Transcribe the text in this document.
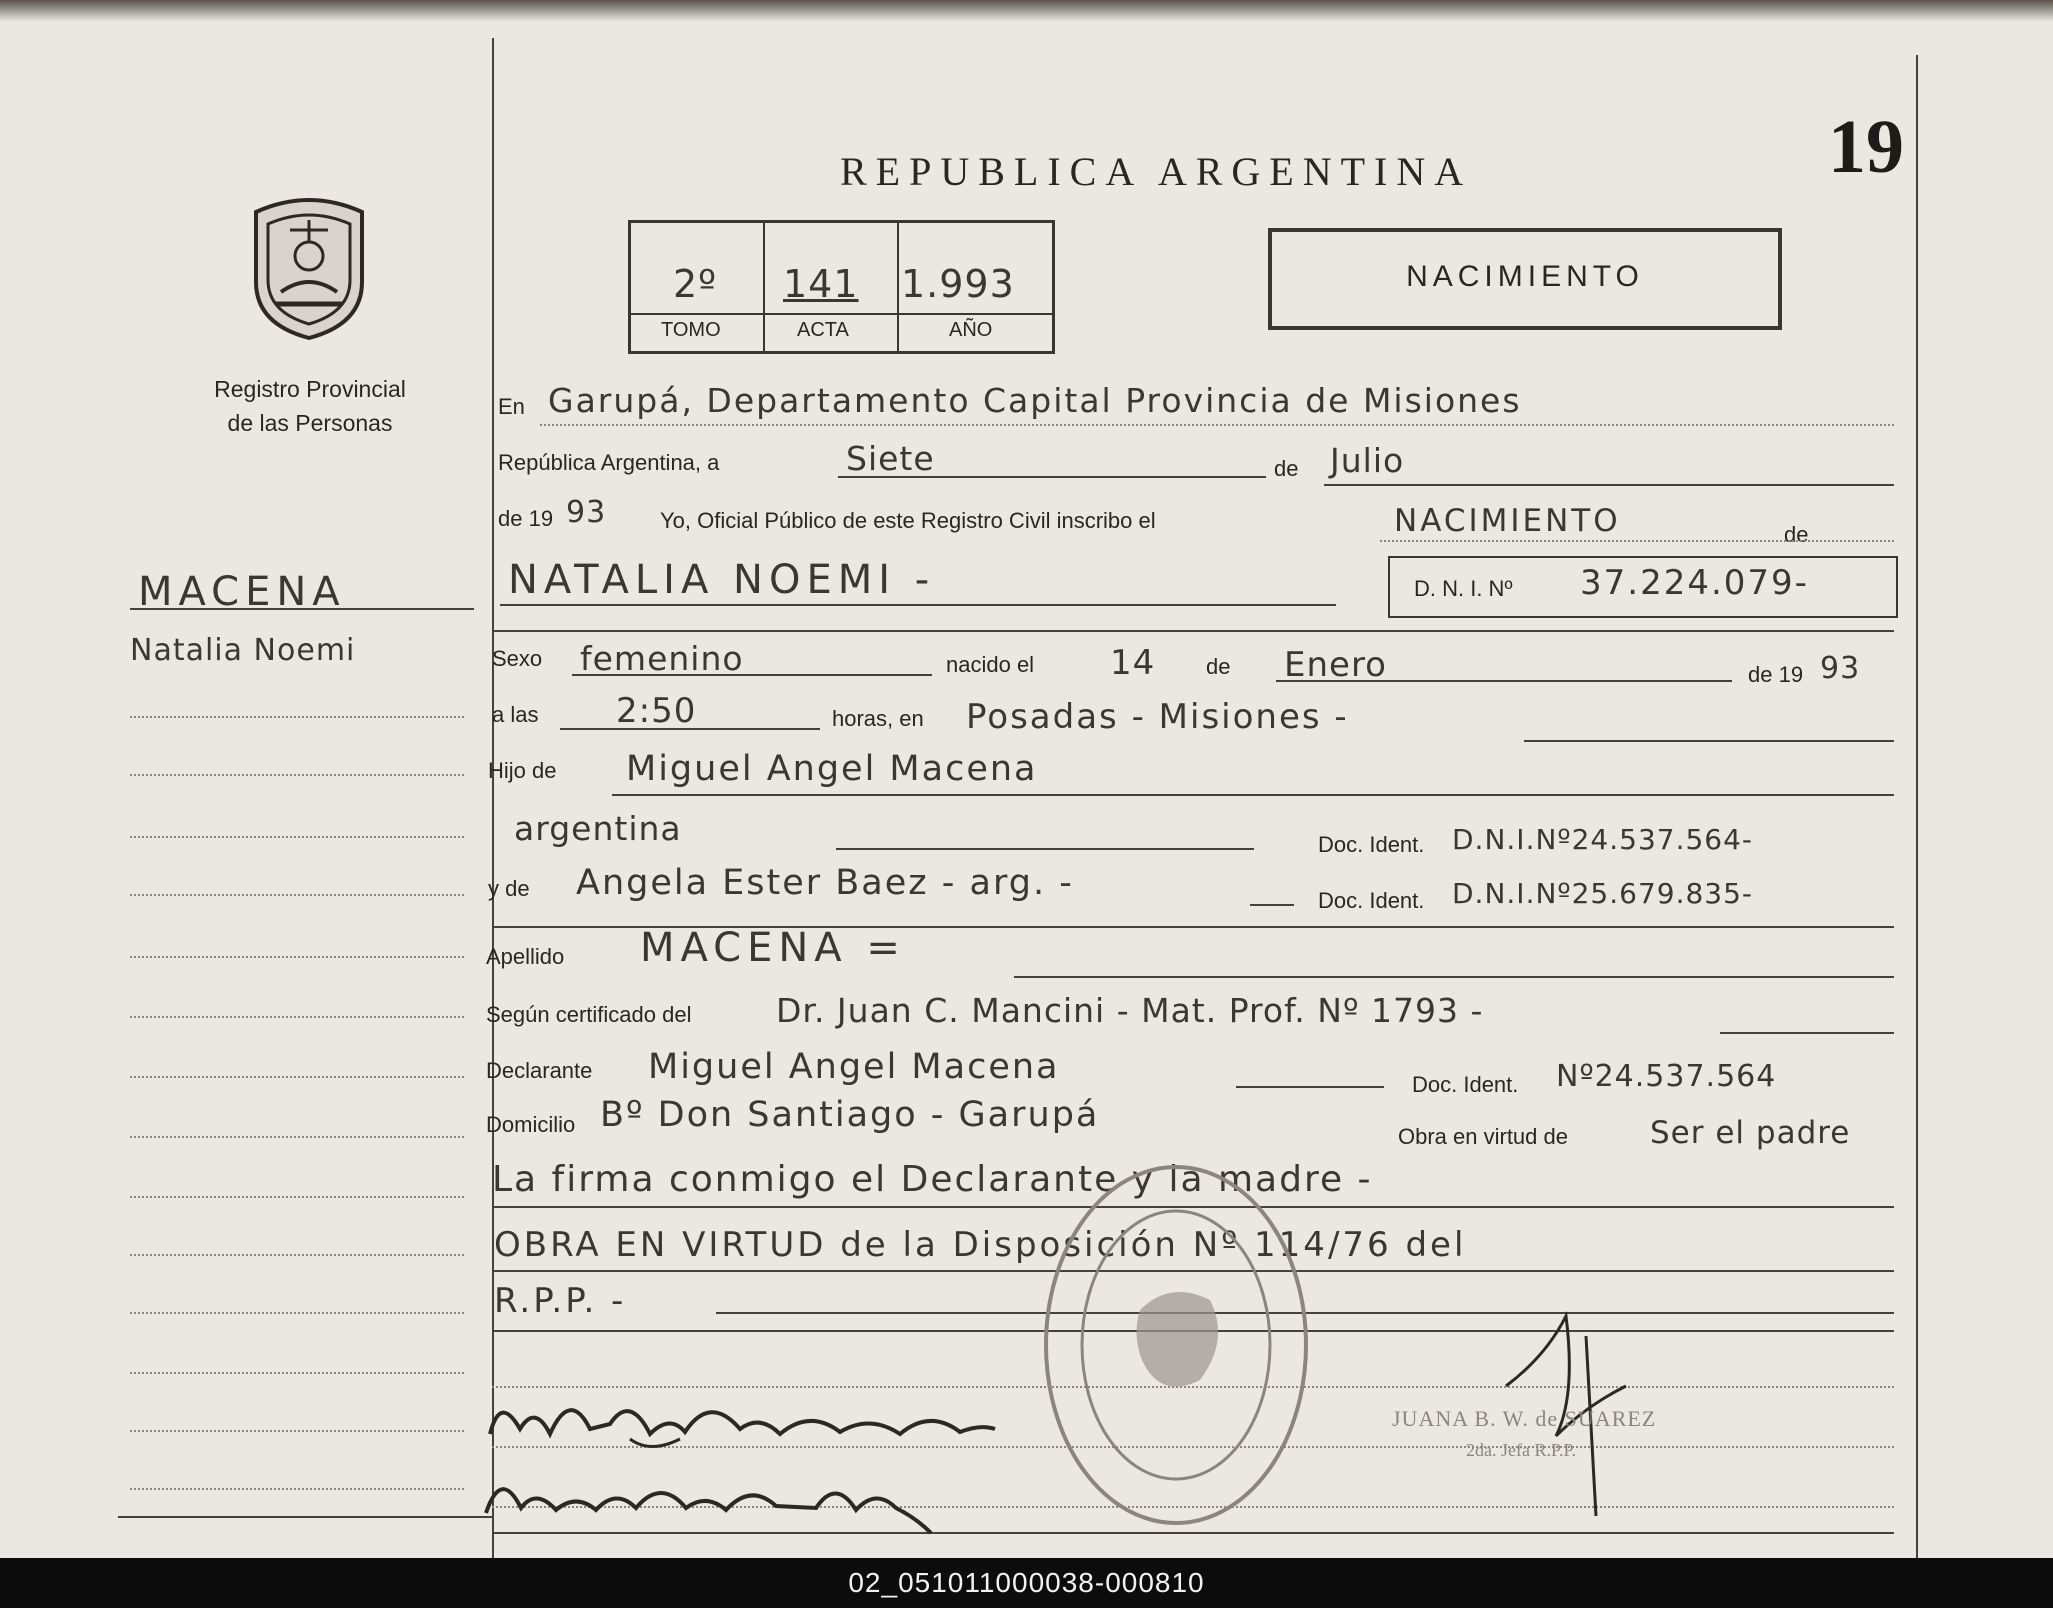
REPUBLICA ARGENTINA	19
2º 141 1.993
TOMO	ACTA	AÑO
NACIMIENTO
Registro Provincial
de las Personas
MACENA
Natalia Noemi
En Garupá, Departamento Capital Provincia de Misiones
República Argentina, a	Siete	de Julio
de 19 93 Yo, Oficial Público de este Registro Civil inscribo el	NACIMIENTO	de
NATALIA NOEMI -	D. N. I. Nº 37.224.079-
Sexo femenino	nacido el 14 de Enero	de 19 93
a las 2:50	horas, en Posadas - Misiones -
Hijo de Miguel Angel Macena
argentina	Doc. Ident. D.N.I.Nº24.537.564-
y de Angela Ester Baez - arg. -	Doc. Ident. D.N.I.Nº25.679.835-
Apellido MACENA =
Según certificado del	Dr. Juan C. Mancini - Mat. Prof. Nº 1793 -
Declarante Miguel Angel Macena	Doc. Ident. Nº24.537.564
Domicilio Bº Don Santiago - Garupá
Obra en virtud de	Ser el padre
La firma conmigo el Declarante y la madre -
OBRA EN VIRTUD de la Disposición Nº 114/76 del
R.P.P. -
JUANA B. W. de SUAREZ
2da. Jefa R.P.P.
02_051011000038-000810
